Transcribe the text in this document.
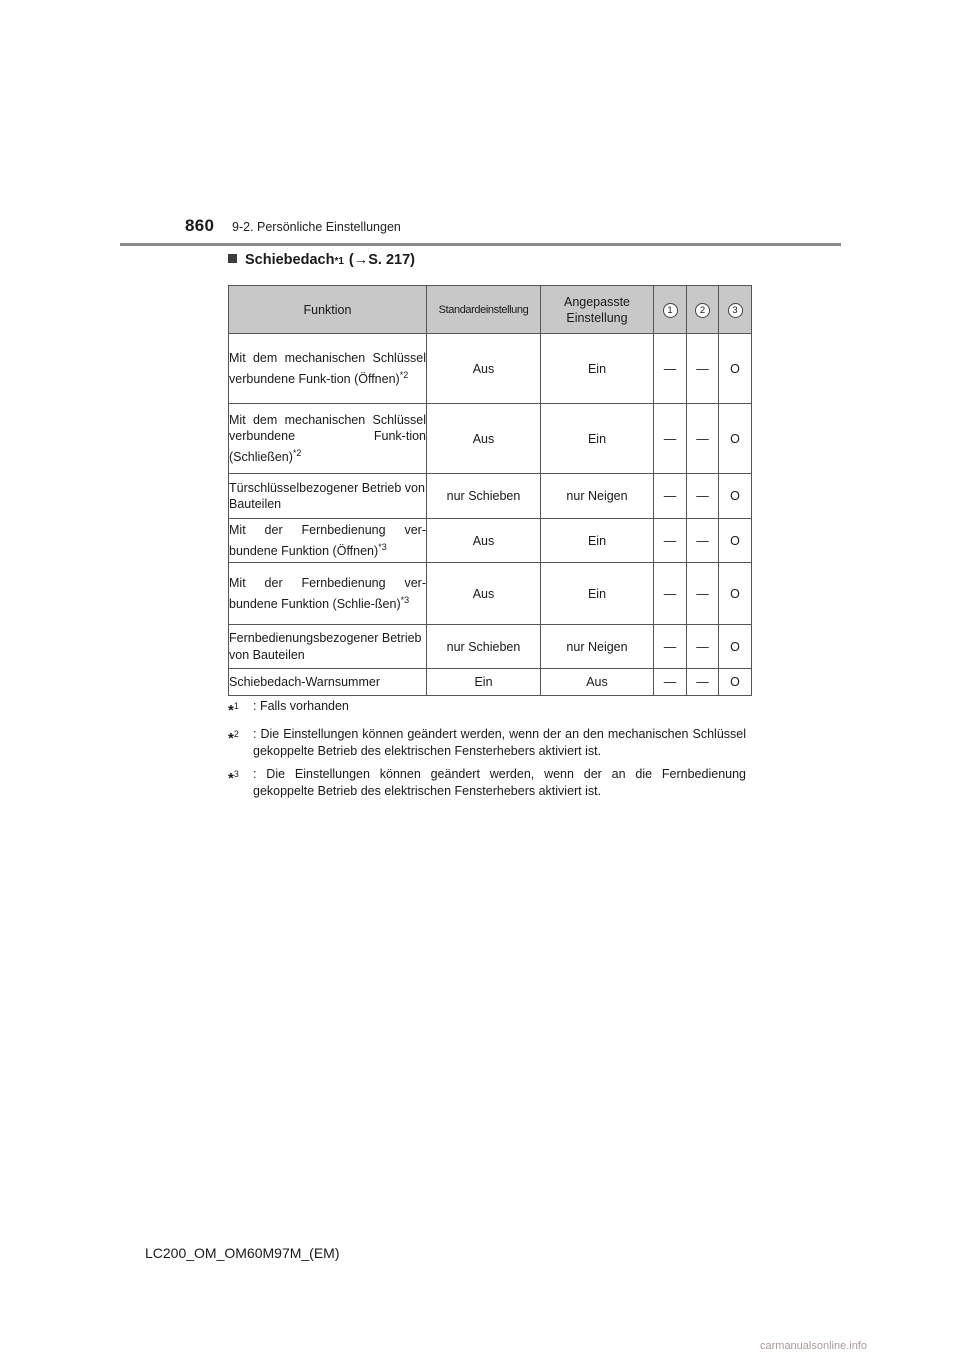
860 9-2. Persönliche Einstellungen
Schiebedach *1 (→S. 217)
Funktion	Standardeinstellung	Angepasste Einstellung	1	2	3
Mit dem mechanischen Schlüssel verbundene Funk-tion (Öffnen)$^{*2}$	Aus	Ein	—	—	O
Mit dem mechanischen Schlüssel verbundene Funk-tion (Schließen)$^{*2}$	Aus	Ein	—	—	O
Türschlüsselbezogener Betrieb von Bauteilen	nur Schieben	nur Neigen	—	—	O
Mit der Fernbedienung ver-bundene Funktion (Öffnen)$^{*3}$	Aus	Ein	—	—	O
Mit der Fernbedienung ver-bundene Funktion (Schlie-ßen)$^{*3}$	Aus	Ein	—	—	O
Fernbedienungsbezogener Betrieb von Bauteilen	nur Schieben	nur Neigen	—	—	O
Schiebedach-Warnsummer	Ein	Aus	—	—	O
*$^1$	: Falls vorhanden
*$^2$	: Die Einstellungen können geändert werden, wenn der an den mechanischen Schlüssel gekoppelte Betrieb des elektrischen Fensterhebers aktiviert ist.
*$^3$	: Die Einstellungen können geändert werden, wenn der an die Fernbedienung gekoppelte Betrieb des elektrischen Fensterhebers aktiviert ist.
LC200_OM_OM60M97M_(EM)
carmanualsonline.info
